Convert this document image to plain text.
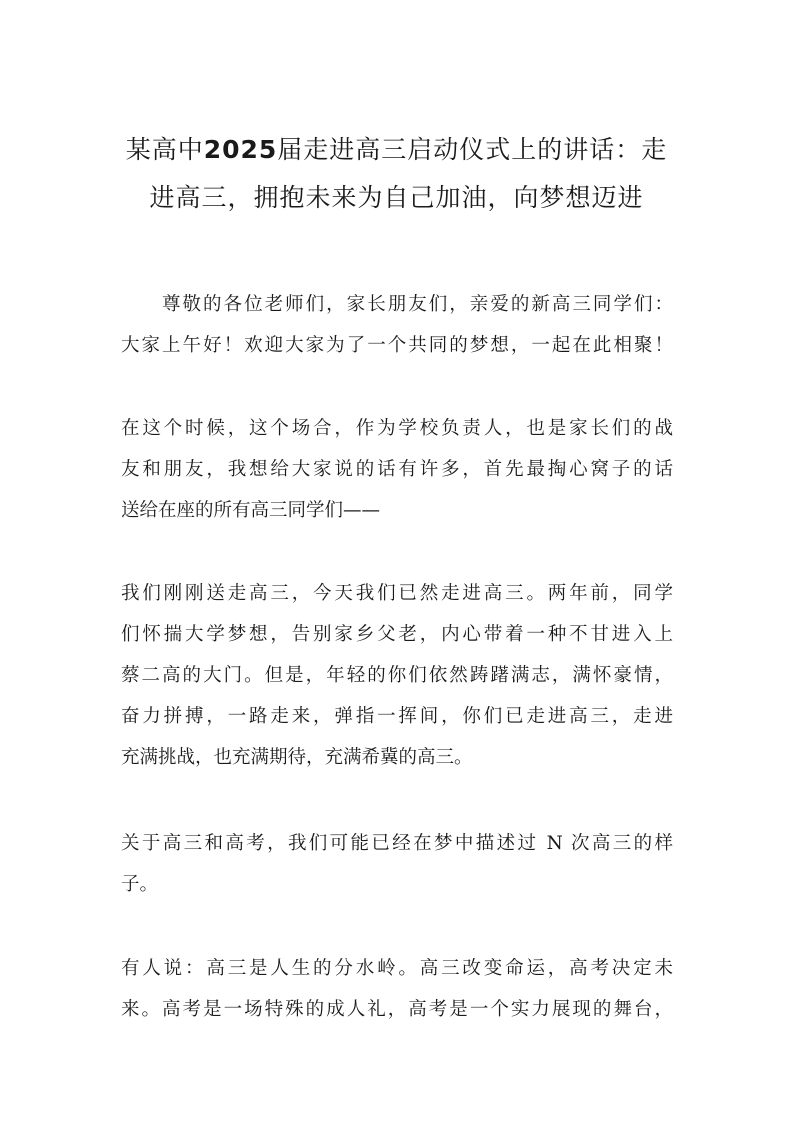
某高中2025届走进高三启动仪式上的讲话：走
进高三，拥抱未来为自己加油，向梦想迈进
尊敬的各位老师们，家长朋友们，亲爱的新高三同学们：
大家上午好！欢迎大家为了一个共同的梦想，一起在此相聚！
在这个时候，这个场合，作为学校负责人，也是家长们的战
友和朋友，我想给大家说的话有许多，首先最掏心窝子的话
送给在座的所有高三同学们——
我们刚刚送走高三，今天我们已然走进高三。两年前，同学
们怀揣大学梦想，告别家乡父老，内心带着一种不甘进入上
蔡二高的大门。但是，年轻的你们依然踌躇满志，满怀豪情，
奋力拼搏，一路走来，弹指一挥间，你们已走进高三，走进
充满挑战，也充满期待，充满希冀的高三。
关于高三和高考，我们可能已经在梦中描述过 N 次高三的样
子。
有人说：高三是人生的分水岭。高三改变命运，高考决定未
来。高考是一场特殊的成人礼，高考是一个实力展现的舞台，
